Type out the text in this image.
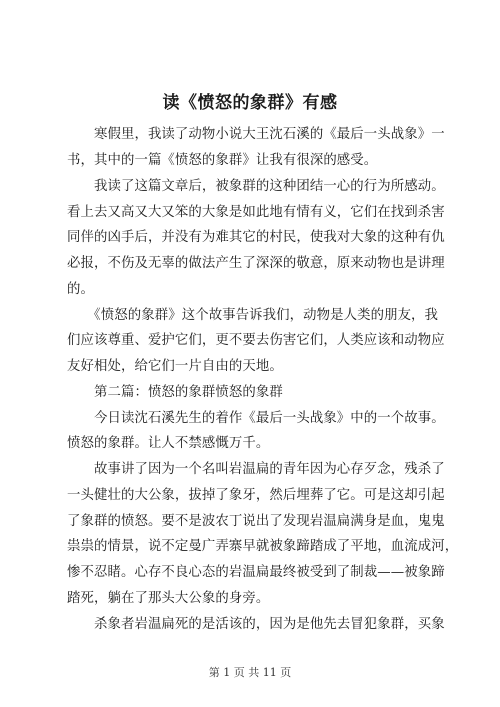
读《愤怒的象群》有感
　　寒假里，我读了动物小说大王沈石溪的《最后一头战象》一
书，其中的一篇《愤怒的象群》让我有很深的感受。
　　我读了这篇文章后，被象群的这种团结一心的行为所感动。
看上去又高又大又笨的大象是如此地有情有义，它们在找到杀害
同伴的凶手后，并没有为难其它的村民，使我对大象的这种有仇
必报，不伤及无辜的做法产生了深深的敬意，原来动物也是讲理
的。
　　《愤怒的象群》这个故事告诉我们，动物是人类的朋友，我
们应该尊重、爱护它们，更不要去伤害它们，人类应该和动物应
友好相处，给它们一片自由的天地。
　　第二篇：愤怒的象群愤怒的象群
　　今日读沈石溪先生的着作《最后一头战象》中的一个故事。
愤怒的象群。让人不禁感慨万千。
　　故事讲了因为一个名叫岩温扁的青年因为心存歹念，残杀了
一头健壮的大公象，拔掉了象牙，然后埋葬了它。可是这却引起
了象群的愤怒。要不是波农丁说出了发现岩温扁满身是血，鬼鬼
祟祟的情景，说不定曼广弄寨早就被象蹄踏成了平地，血流成河，
惨不忍睹。心存不良心态的岩温扁最终被受到了制裁——被象蹄
踏死，躺在了那头大公象的身旁。
　　杀象者岩温扁死的是活该的，因为是他先去冒犯象群，买象
第 1 页 共 11 页
